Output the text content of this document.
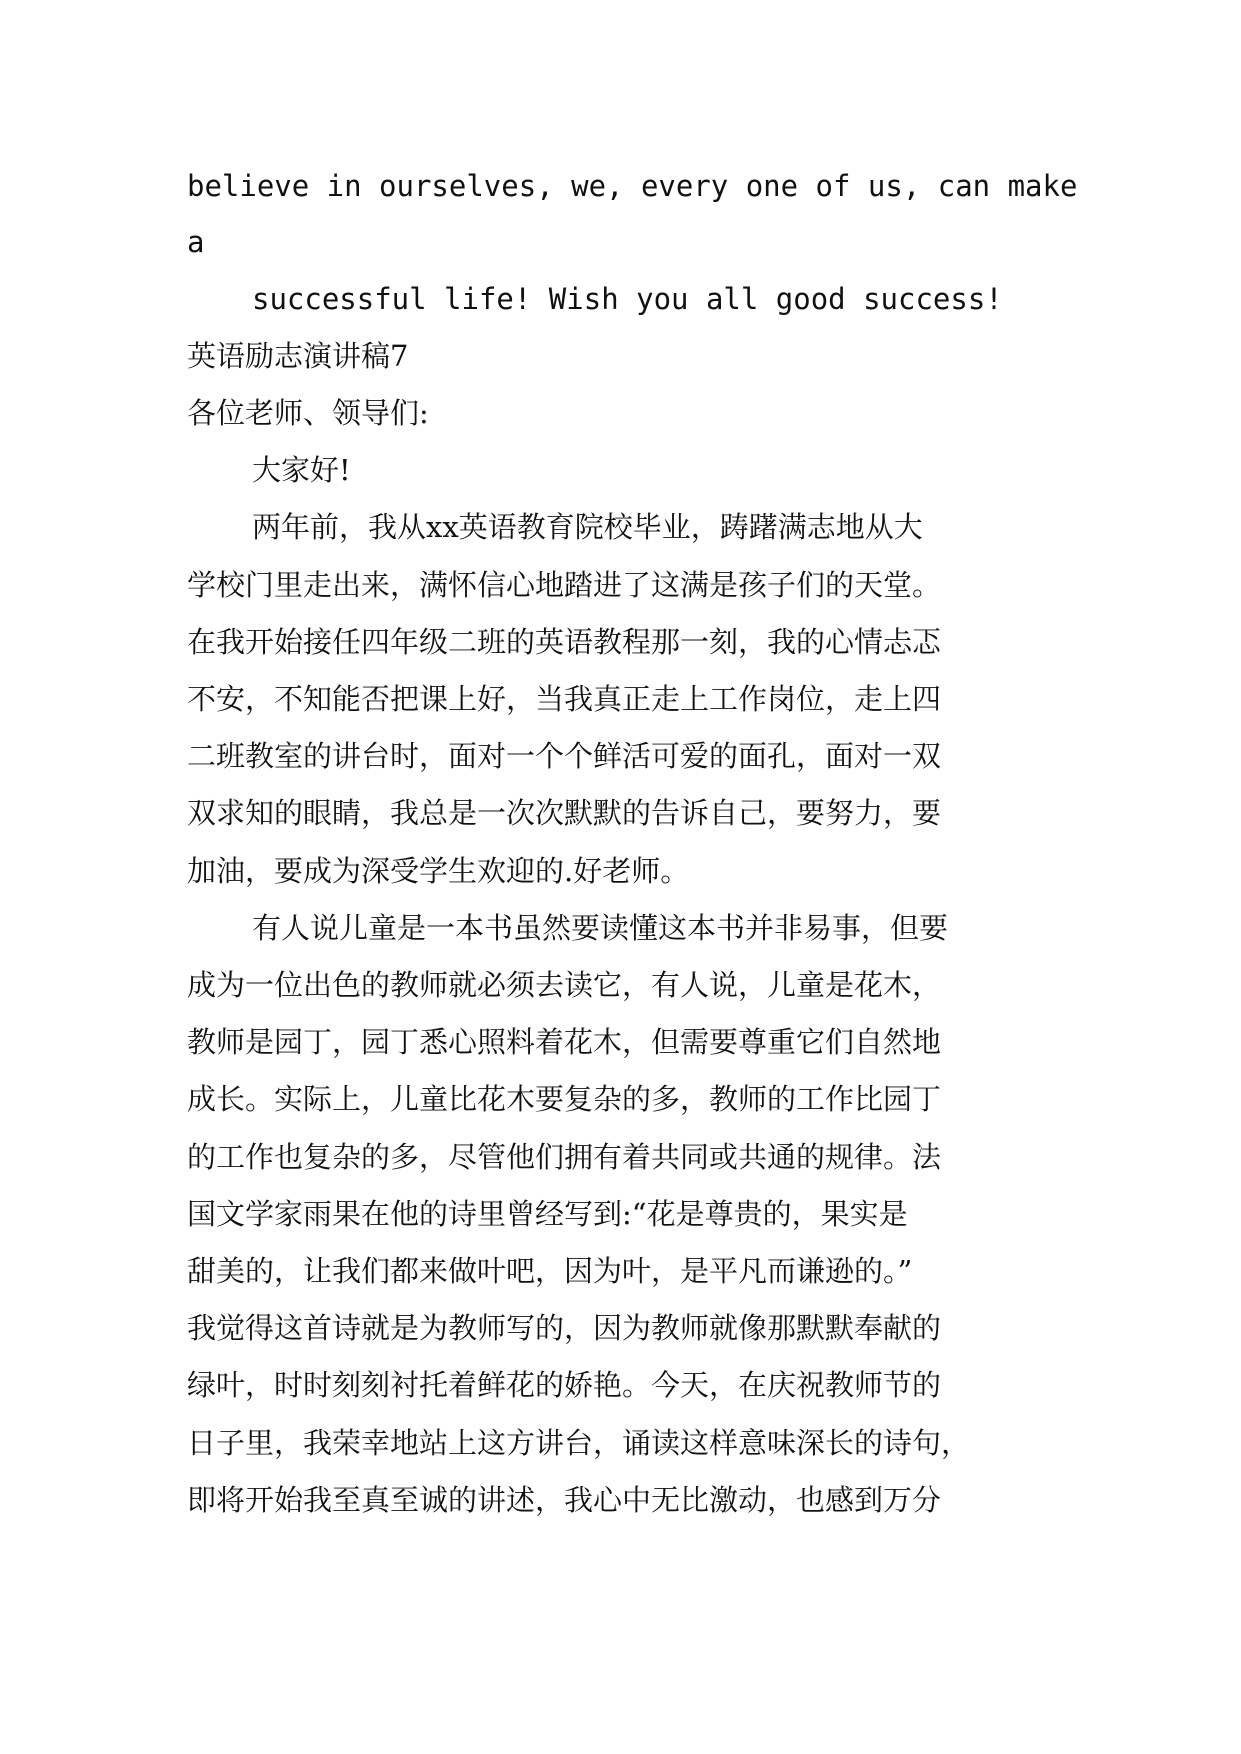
believe in ourselves, we, every one of us, can make
a
successful life! Wish you all good success!
英语励志演讲稿7
各位老师、领导们:
大家好!
两年前，我从xx英语教育院校毕业，踌躇满志地从大
学校门里走出来，满怀信心地踏进了这满是孩子们的天堂。
在我开始接任四年级二班的英语教程那一刻，我的心情忐忑
不安，不知能否把课上好，当我真正走上工作岗位，走上四
二班教室的讲台时，面对一个个鲜活可爱的面孔，面对一双
双求知的眼睛，我总是一次次默默的告诉自己，要努力，要
加油，要成为深受学生欢迎的.好老师。
有人说儿童是一本书虽然要读懂这本书并非易事，但要
成为一位出色的教师就必须去读它，有人说，儿童是花木，
教师是园丁，园丁悉心照料着花木，但需要尊重它们自然地
成长。实际上，儿童比花木要复杂的多，教师的工作比园丁
的工作也复杂的多，尽管他们拥有着共同或共通的规律。法
国文学家雨果在他的诗里曾经写到:“花是尊贵的，果实是
甜美的，让我们都来做叶吧，因为叶，是平凡而谦逊的。”
我觉得这首诗就是为教师写的，因为教师就像那默默奉献的
绿叶，时时刻刻衬托着鲜花的娇艳。今天，在庆祝教师节的
日子里，我荣幸地站上这方讲台，诵读这样意味深长的诗句，
即将开始我至真至诚的讲述，我心中无比激动，也感到万分
